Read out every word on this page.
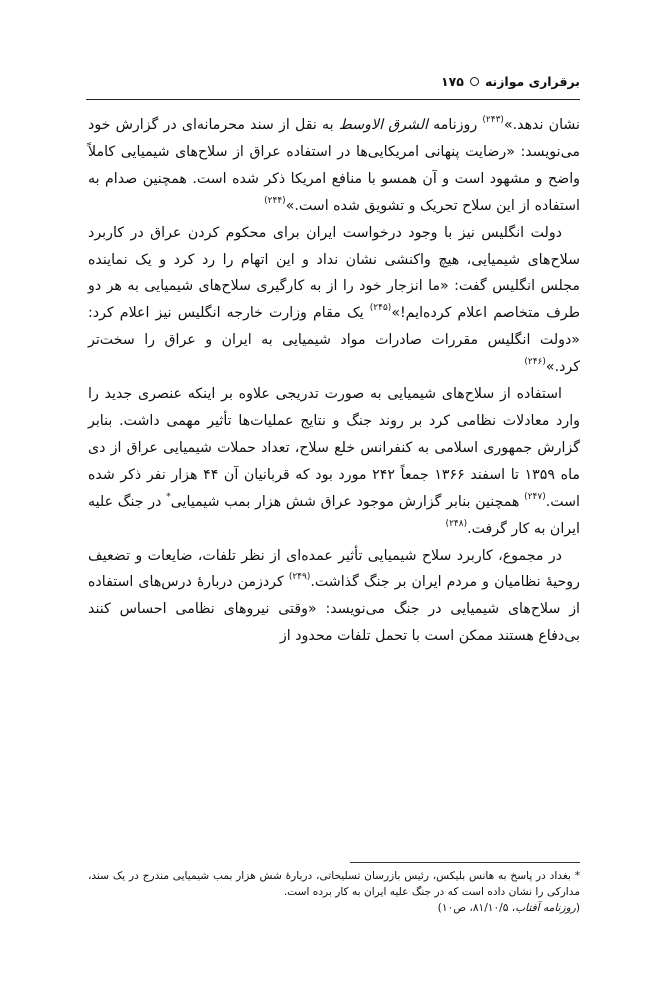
برقراری موازنه
۱۷۵

نشان ندهد.»$^{(۲۴۳)}$ روزنامه الشرق الاوسط به نقل از سند محرمانه‌ای در گزارش خود می‌نویسد: «رضایت پنهانی امریکایی‌ها در استفاده عراق از سلاح‌های شیمیایی کاملاً واضح و مشهود است و آن همسو با منافع امریکا ذکر شده است. همچنین صدام به استفاده از این سلاح تحریک و تشویق شده است.»$^{(۲۴۴)}$

دولت انگلیس نیز با وجود درخواست ایران برای محکوم کردن عراق در کاربرد سلاح‌های شیمیایی، هیچ واکنشی نشان نداد و این اتهام را رد کرد و یک نماینده مجلس انگلیس گفت: «ما انزجار خود را از به کارگیری سلاح‌های شیمیایی به هر دو طرف متخاصم اعلام کرده‌ایم!»$^{(۲۴۵)}$ یک مقام وزارت خارجه انگلیس نیز اعلام کرد: «دولت انگلیس مقررات صادرات مواد شیمیایی به ایران و عراق را سخت‌تر کرد.»$^{(۲۴۶)}$

استفاده از سلاح‌های شیمیایی به صورت تدریجی علاوه بر اینکه عنصری جدید را وارد معادلات نظامی کرد بر روند جنگ و نتایج عملیات‌ها تأثیر مهمی داشت. بنابر گزارش جمهوری اسلامی به کنفرانس خلع سلاح، تعداد حملات شیمیایی عراق از دی ماه ۱۳۵۹ تا اسفند ۱۳۶۶ جمعاً ۲۴۲ مورد بود که قربانیان آن ۴۴ هزار نفر ذکر شده است.$^{(۲۴۷)}$ همچنین بنابر گزارش موجود عراق شش هزار بمب شیمیایی* در جنگ علیه ایران به کار گرفت.$^{(۲۴۸)}$

در مجموع، کاربرد سلاح شیمیایی تأثیر عمده‌ای از نظر تلفات، ضایعات و تضعیف روحیهٔ نظامیان و مردم ایران بر جنگ گذاشت.$^{(۲۴۹)}$ کردزمن دربارهٔ درس‌های استفاده از سلاح‌های شیمیایی در جنگ می‌نویسد: «وقتی نیروهای نظامی احساس کنند بی‌دفاع هستند ممکن است با تحمل تلفات محدود از

* بغداد در پاسخ به هانس بلیکس، رئیس بازرسان تسلیحاتی، دربارهٔ شش هزار بمب شیمیایی مندرج در یک سند، مدارکی را نشان داده است که در جنگ علیه ایران به کار برده است.

(روزنامه آفتاب، ۸۱/۱۰/۵، ص۱۰)
